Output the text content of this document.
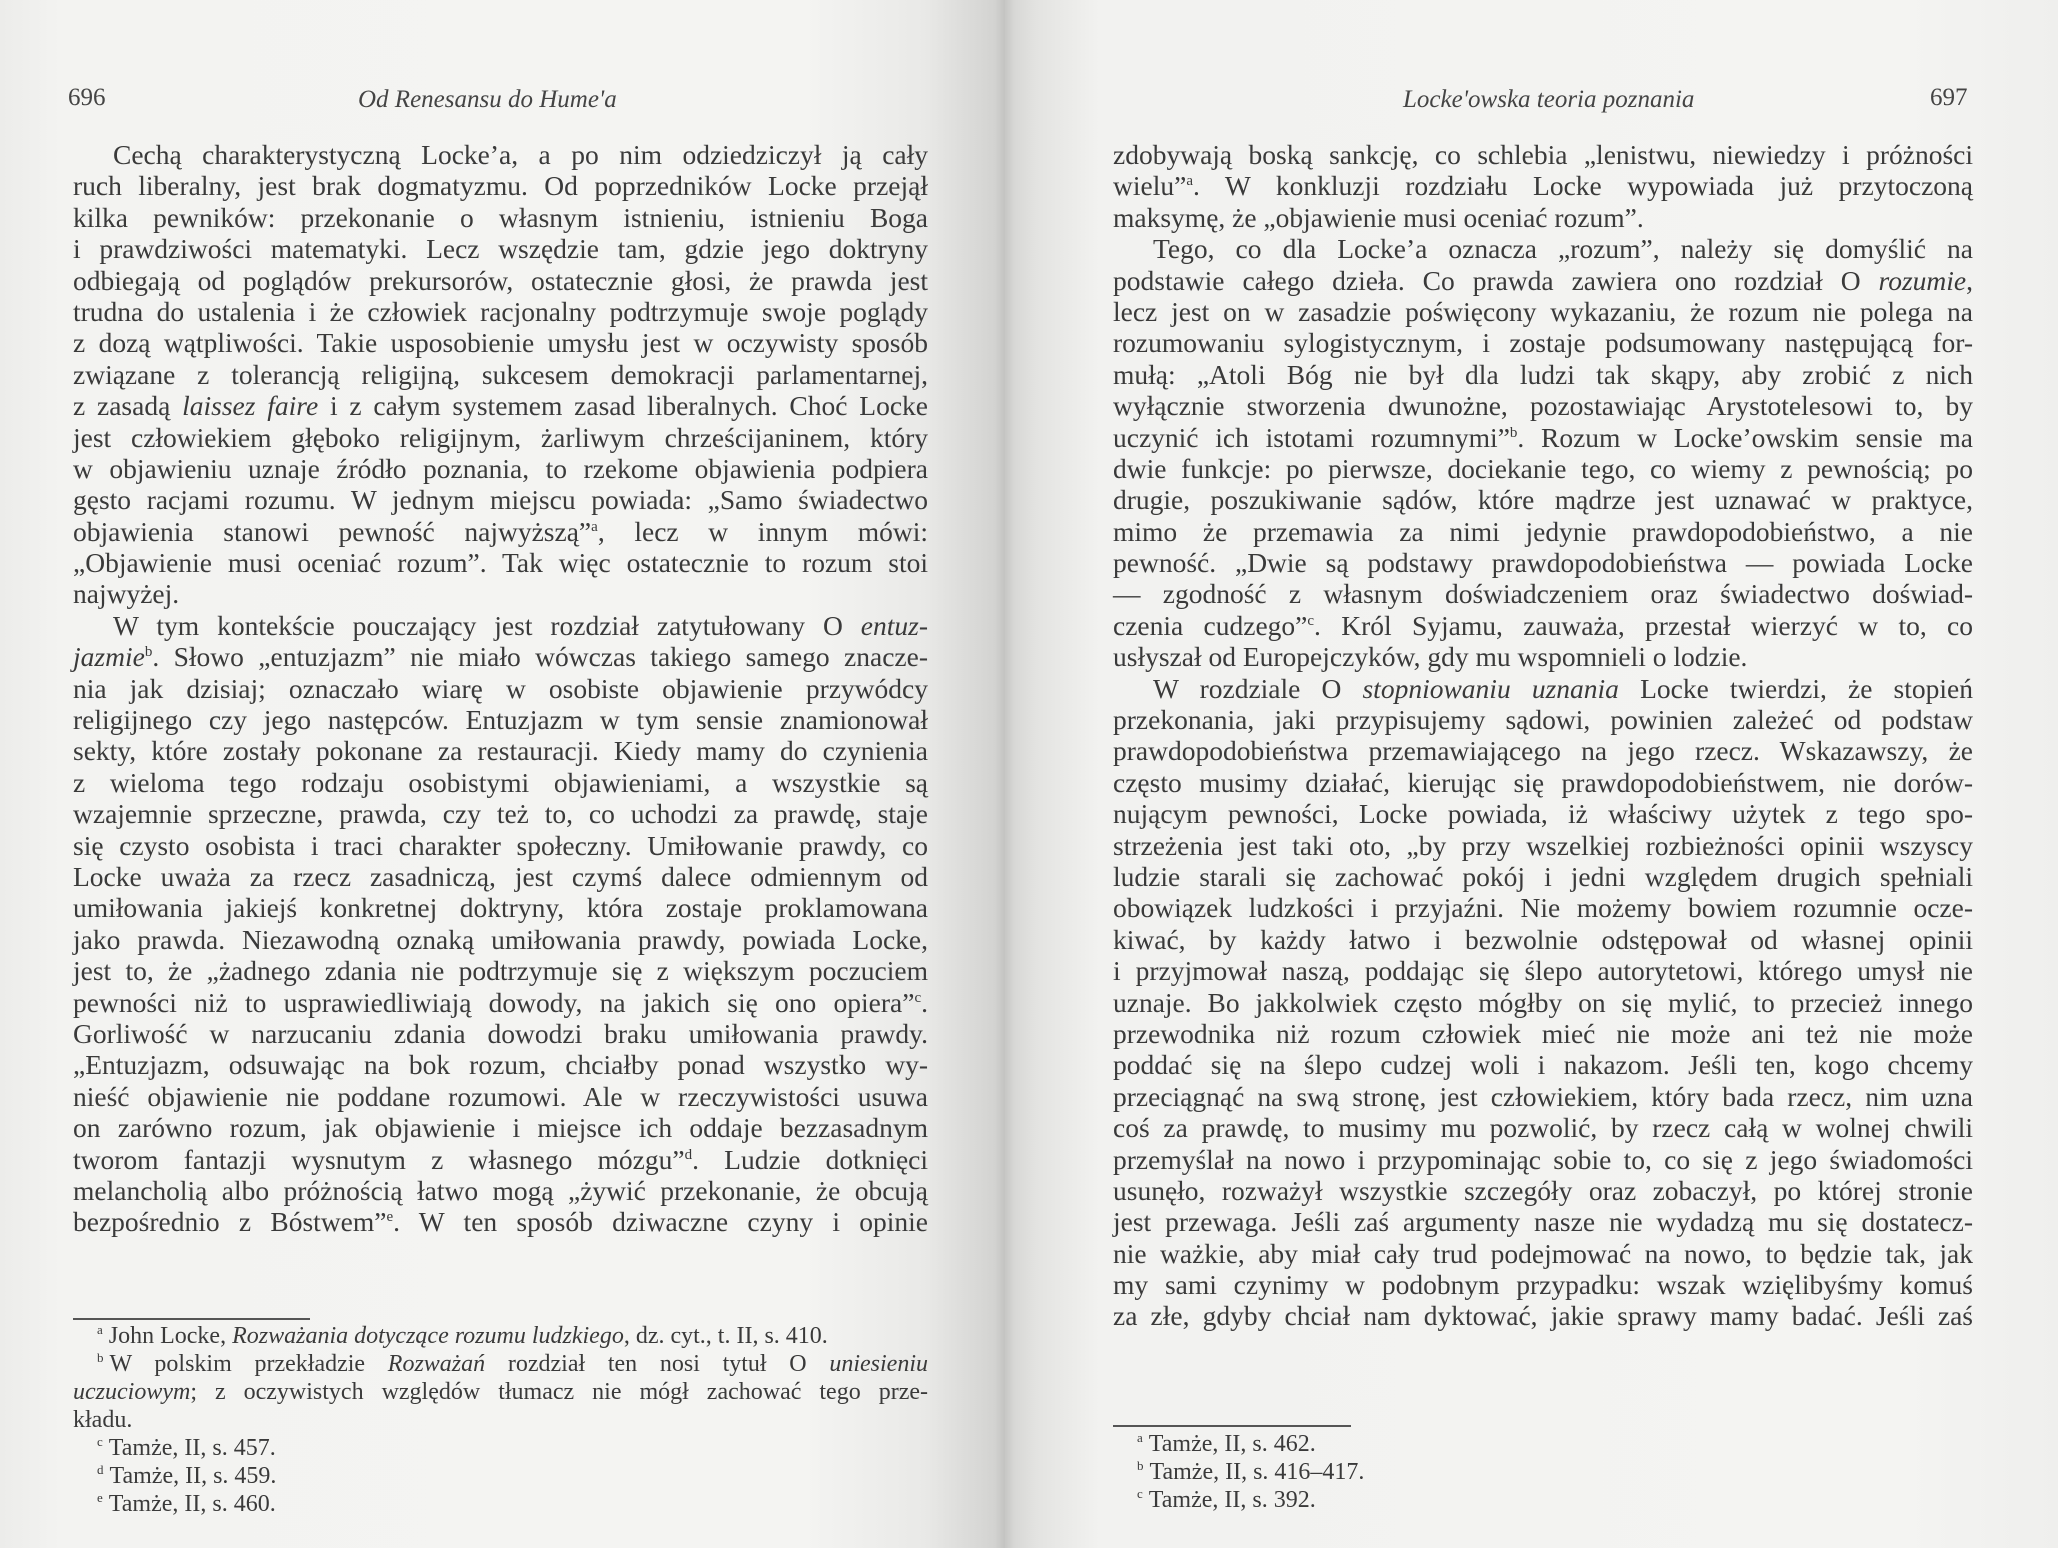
696	Od Renesansu do Hume'a
Cechą charakterystyczną Locke’a, a po nim odziedziczył ją cały
ruch liberalny, jest brak dogmatyzmu. Od poprzedników Locke przejął
kilka pewników: przekonanie o własnym istnieniu, istnieniu Boga
i prawdziwości matematyki. Lecz wszędzie tam, gdzie jego doktryny
odbiegają od poglądów prekursorów, ostatecznie głosi, że prawda jest
trudna do ustalenia i że człowiek racjonalny podtrzymuje swoje poglądy
z dozą wątpliwości. Takie usposobienie umysłu jest w oczywisty sposób
związane z tolerancją religijną, sukcesem demokracji parlamentarnej,
z zasadą laissez faire i z całym systemem zasad liberalnych. Choć Locke
jest człowiekiem głęboko religijnym, żarliwym chrześcijaninem, który
w objawieniu uznaje źródło poznania, to rzekome objawienia podpiera
gęsto racjami rozumu. W jednym miejscu powiada: „Samo świadectwo
objawienia stanowi pewność najwyższą”$^a$, lecz w innym mówi:
„Objawienie musi oceniać rozum”. Tak więc ostatecznie to rozum stoi
najwyżej.
W tym kontekście pouczający jest rozdział zatytułowany O entuz-
jazmie$^b$. Słowo „entuzjazm” nie miało wówczas takiego samego znacze-
nia jak dzisiaj; oznaczało wiarę w osobiste objawienie przywódcy
religijnego czy jego następców. Entuzjazm w tym sensie znamionował
sekty, które zostały pokonane za restauracji. Kiedy mamy do czynienia
z wieloma tego rodzaju osobistymi objawieniami, a wszystkie są
wzajemnie sprzeczne, prawda, czy też to, co uchodzi za prawdę, staje
się czysto osobista i traci charakter społeczny. Umiłowanie prawdy, co
Locke uważa za rzecz zasadniczą, jest czymś dalece odmiennym od
umiłowania jakiejś konkretnej doktryny, która zostaje proklamowana
jako prawda. Niezawodną oznaką umiłowania prawdy, powiada Locke,
jest to, że „żadnego zdania nie podtrzymuje się z większym poczuciem
pewności niż to usprawiedliwiają dowody, na jakich się ono opiera”$^c$.
Gorliwość w narzucaniu zdania dowodzi braku umiłowania prawdy.
„Entuzjazm, odsuwając na bok rozum, chciałby ponad wszystko wy-
nieść objawienie nie poddane rozumowi. Ale w rzeczywistości usuwa
on zarówno rozum, jak objawienie i miejsce ich oddaje bezzasadnym
tworom fantazji wysnutym z własnego mózgu”$^d$. Ludzie dotknięci
melancholią albo próżnością łatwo mogą „żywić przekonanie, że obcują
bezpośrednio z Bóstwem”$^e$. W ten sposób dziwaczne czyny i opinie
$^a$ John Locke, Rozważania dotyczące rozumu ludzkiego, dz. cyt., t. II, s. 410.
$^b$ W polskim przekładzie Rozważań rozdział ten nosi tytuł O uniesieniu
uczuciowym; z oczywistych względów tłumacz nie mógł zachować tego prze-
kładu.
$^c$ Tamże, II, s. 457.
$^d$ Tamże, II, s. 459.
$^e$ Tamże, II, s. 460.
Locke'owska teoria poznania	697
zdobywają boską sankcję, co schlebia „lenistwu, niewiedzy i próżności
wielu”$^a$. W konkluzji rozdziału Locke wypowiada już przytoczoną
maksymę, że „objawienie musi oceniać rozum”.
Tego, co dla Locke’a oznacza „rozum”, należy się domyślić na
podstawie całego dzieła. Co prawda zawiera ono rozdział O rozumie,
lecz jest on w zasadzie poświęcony wykazaniu, że rozum nie polega na
rozumowaniu sylogistycznym, i zostaje podsumowany następującą for-
mułą: „Atoli Bóg nie był dla ludzi tak skąpy, aby zrobić z nich
wyłącznie stworzenia dwunożne, pozostawiając Arystotelesowi to, by
uczynić ich istotami rozumnymi”$^b$. Rozum w Locke’owskim sensie ma
dwie funkcje: po pierwsze, dociekanie tego, co wiemy z pewnością; po
drugie, poszukiwanie sądów, które mądrze jest uznawać w praktyce,
mimo że przemawia za nimi jedynie prawdopodobieństwo, a nie
pewność. „Dwie są podstawy prawdopodobieństwa — powiada Locke
— zgodność z własnym doświadczeniem oraz świadectwo doświad-
czenia cudzego”$^c$. Król Syjamu, zauważa, przestał wierzyć w to, co
usłyszał od Europejczyków, gdy mu wspomnieli o lodzie.
W rozdziale O stopniowaniu uznania Locke twierdzi, że stopień
przekonania, jaki przypisujemy sądowi, powinien zależeć od podstaw
prawdopodobieństwa przemawiającego na jego rzecz. Wskazawszy, że
często musimy działać, kierując się prawdopodobieństwem, nie dorów-
nującym pewności, Locke powiada, iż właściwy użytek z tego spo-
strzeżenia jest taki oto, „by przy wszelkiej rozbieżności opinii wszyscy
ludzie starali się zachować pokój i jedni względem drugich spełniali
obowiązek ludzkości i przyjaźni. Nie możemy bowiem rozumnie ocze-
kiwać, by każdy łatwo i bezwolnie odstępował od własnej opinii
i przyjmował naszą, poddając się ślepo autorytetowi, którego umysł nie
uznaje. Bo jakkolwiek często mógłby on się mylić, to przecież innego
przewodnika niż rozum człowiek mieć nie może ani też nie może
poddać się na ślepo cudzej woli i nakazom. Jeśli ten, kogo chcemy
przeciągnąć na swą stronę, jest człowiekiem, który bada rzecz, nim uzna
coś za prawdę, to musimy mu pozwolić, by rzecz całą w wolnej chwili
przemyślał na nowo i przypominając sobie to, co się z jego świadomości
usunęło, rozważył wszystkie szczegóły oraz zobaczył, po której stronie
jest przewaga. Jeśli zaś argumenty nasze nie wydadzą mu się dostatecz-
nie ważkie, aby miał cały trud podejmować na nowo, to będzie tak, jak
my sami czynimy w podobnym przypadku: wszak wzięlibyśmy komuś
za złe, gdyby chciał nam dyktować, jakie sprawy mamy badać. Jeśli zaś
$^a$ Tamże, II, s. 462.
$^b$ Tamże, II, s. 416–417.
$^c$ Tamże, II, s. 392.
